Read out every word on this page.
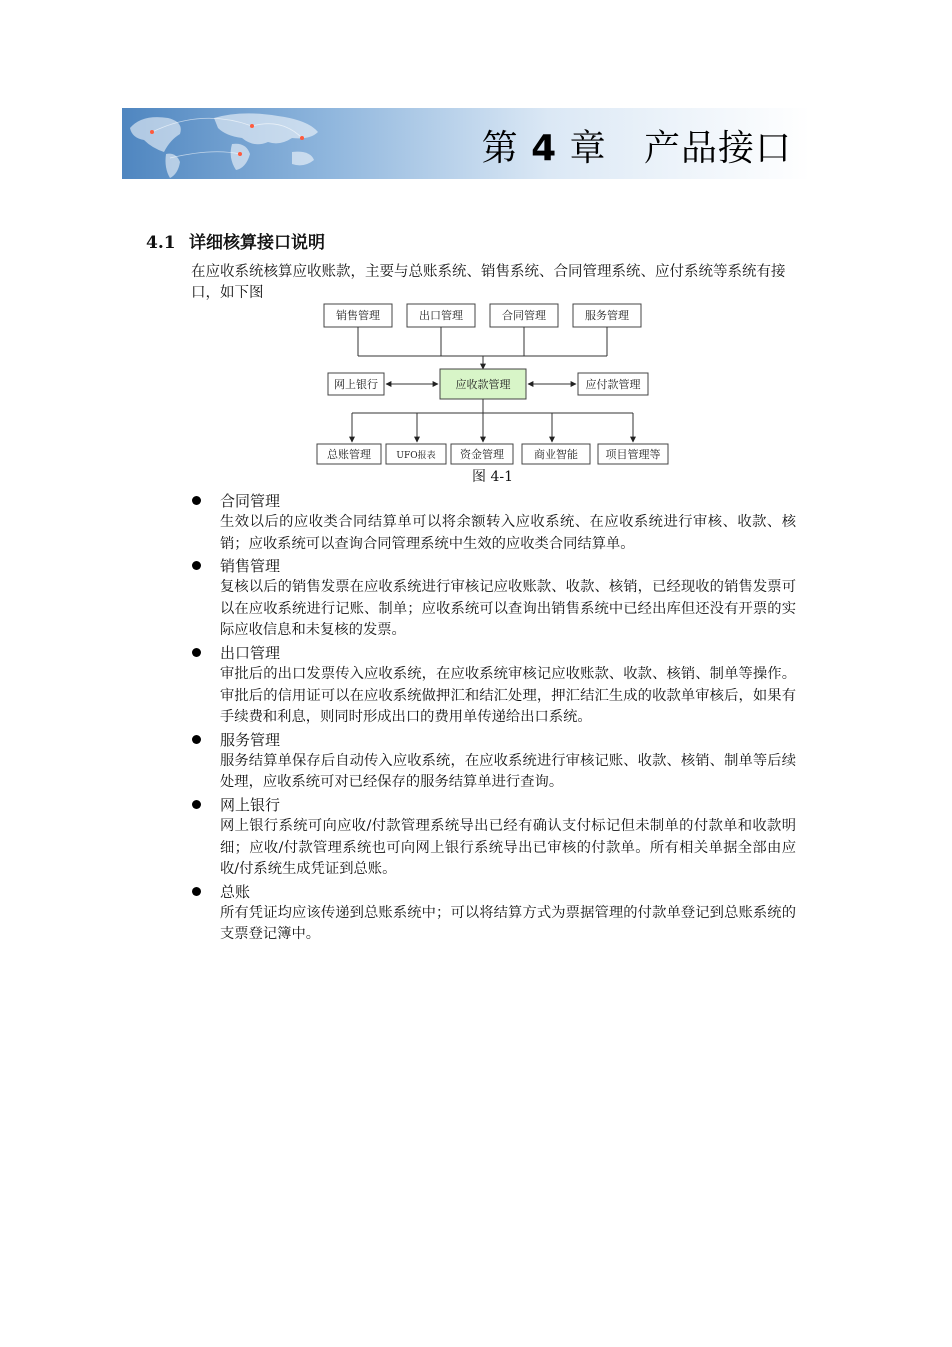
第 4 章 产品接口
4.1 详细核算接口说明
在应收系统核算应收账款，主要与总账系统、销售系统、合同管理系统、应付系统等系统有接口，如下图
销售管理	出口管理	合同管理	服务管理
网上银行	应收款管理	应付款管理
总账管理	UFO报表 资金管理	商业智能	项目管理等
图 4-1
合同管理
生效以后的应收类合同结算单可以将余额转入应收系统、在应收系统进行审核、收款、核销；应收系统可以查询合同管理系统中生效的应收类合同结算单。
销售管理
复核以后的销售发票在应收系统进行审核记应收账款、收款、核销，已经现收的销售发票可以在应收系统进行记账、制单；应收系统可以查询出销售系统中已经出库但还没有开票的实际应收信息和未复核的发票。
出口管理
审批后的出口发票传入应收系统，在应收系统审核记应收账款、收款、核销、制单等操作。审批后的信用证可以在应收系统做押汇和结汇处理，押汇结汇生成的收款单审核后，如果有手续费和利息，则同时形成出口的费用单传递给出口系统。
服务管理
服务结算单保存后自动传入应收系统，在应收系统进行审核记账、收款、核销、制单等后续处理，应收系统可对已经保存的服务结算单进行查询。
网上银行
网上银行系统可向应收/付款管理系统导出已经有确认支付标记但未制单的付款单和收款明细；应收/付款管理系统也可向网上银行系统导出已审核的付款单。所有相关单据全部由应收/付系统生成凭证到总账。
总账
所有凭证均应该传递到总账系统中；可以将结算方式为票据管理的付款单登记到总账系统的支票登记簿中。
